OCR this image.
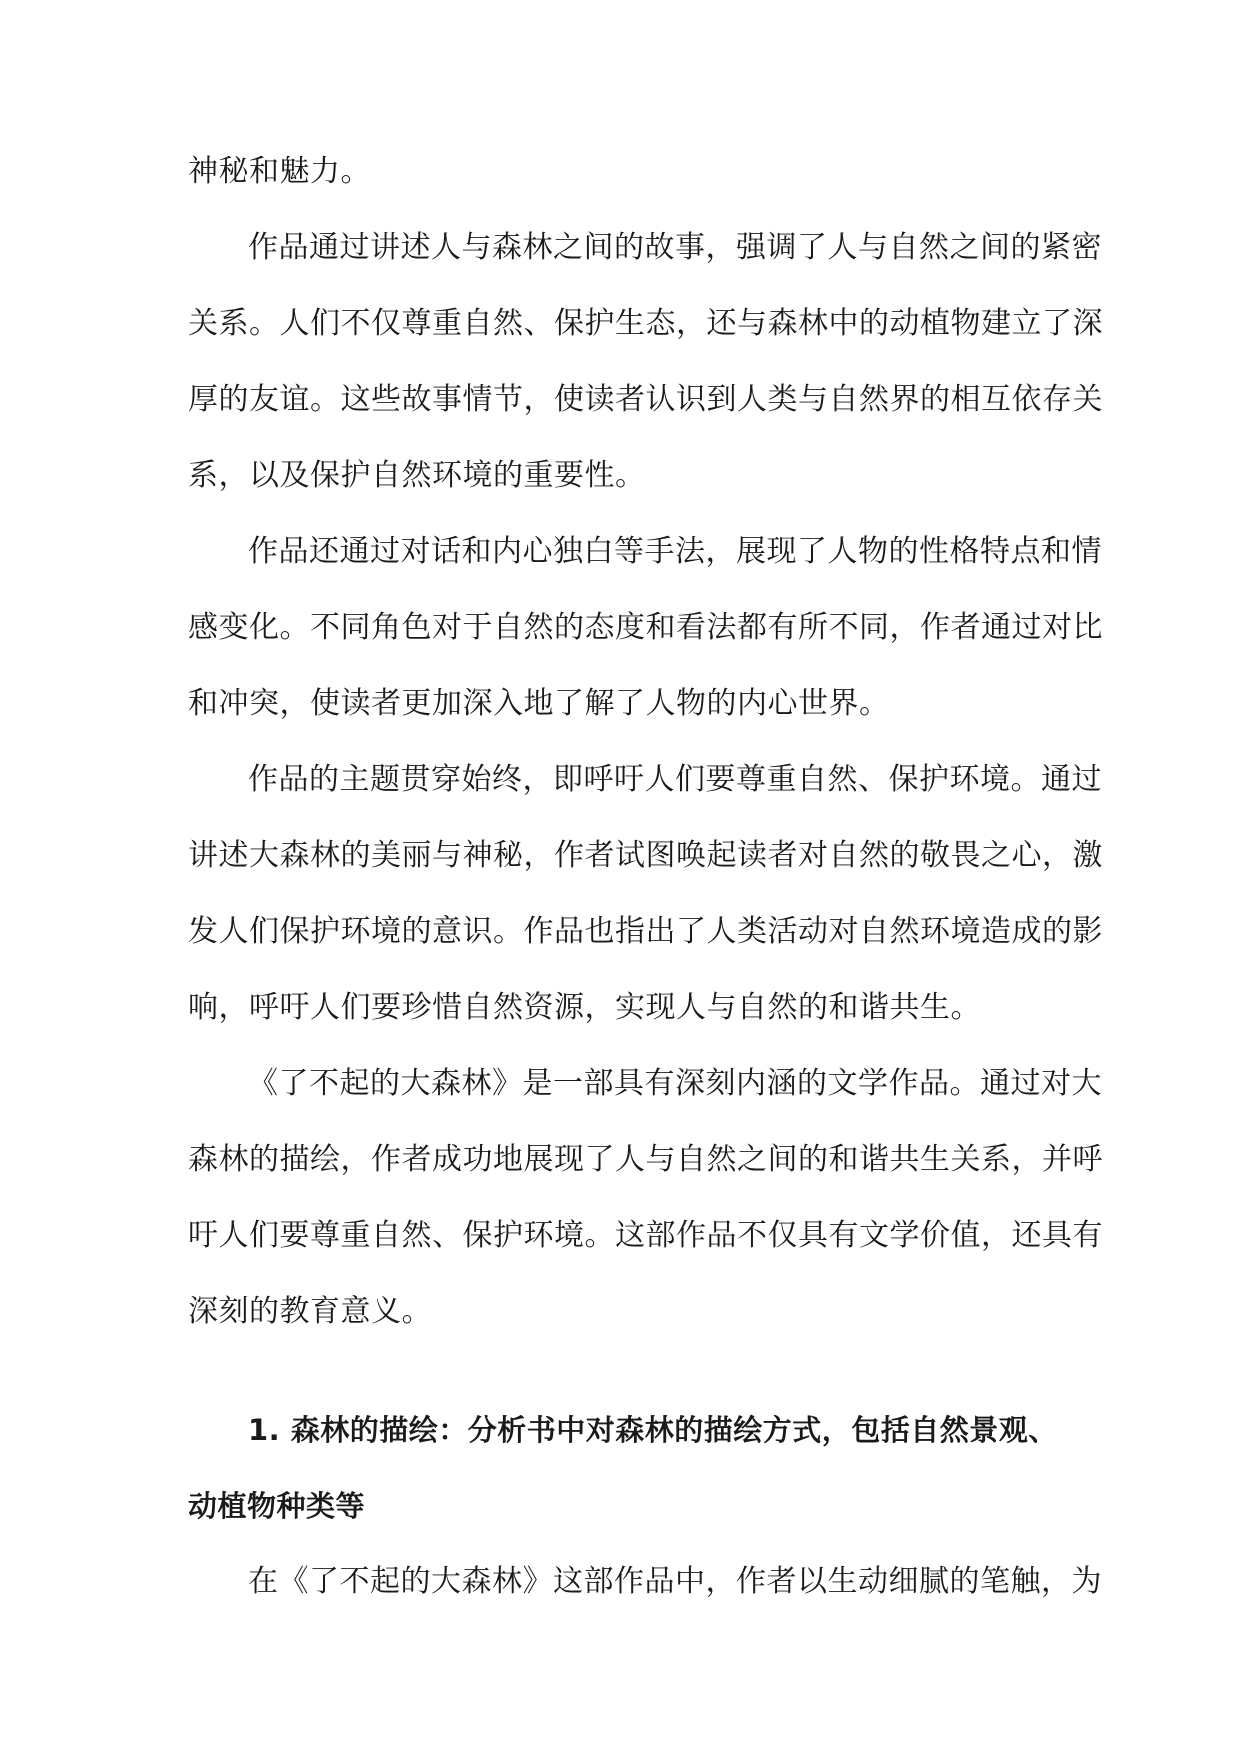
神秘和魅力。
作品通过讲述人与森林之间的故事，强调了人与自然之间的紧密
关系。人们不仅尊重自然、保护生态，还与森林中的动植物建立了深
厚的友谊。这些故事情节，使读者认识到人类与自然界的相互依存关
系，以及保护自然环境的重要性。
作品还通过对话和内心独白等手法，展现了人物的性格特点和情
感变化。不同角色对于自然的态度和看法都有所不同，作者通过对比
和冲突，使读者更加深入地了解了人物的内心世界。
作品的主题贯穿始终，即呼吁人们要尊重自然、保护环境。通过
讲述大森林的美丽与神秘，作者试图唤起读者对自然的敬畏之心，激
发人们保护环境的意识。作品也指出了人类活动对自然环境造成的影
响，呼吁人们要珍惜自然资源，实现人与自然的和谐共生。
《了不起的大森林》是一部具有深刻内涵的文学作品。通过对大
森林的描绘，作者成功地展现了人与自然之间的和谐共生关系，并呼
吁人们要尊重自然、保护环境。这部作品不仅具有文学价值，还具有
深刻的教育意义。
1. 森林的描绘：分析书中对森林的描绘方式，包括自然景观、
动植物种类等
在《了不起的大森林》这部作品中，作者以生动细腻的笔触，为
